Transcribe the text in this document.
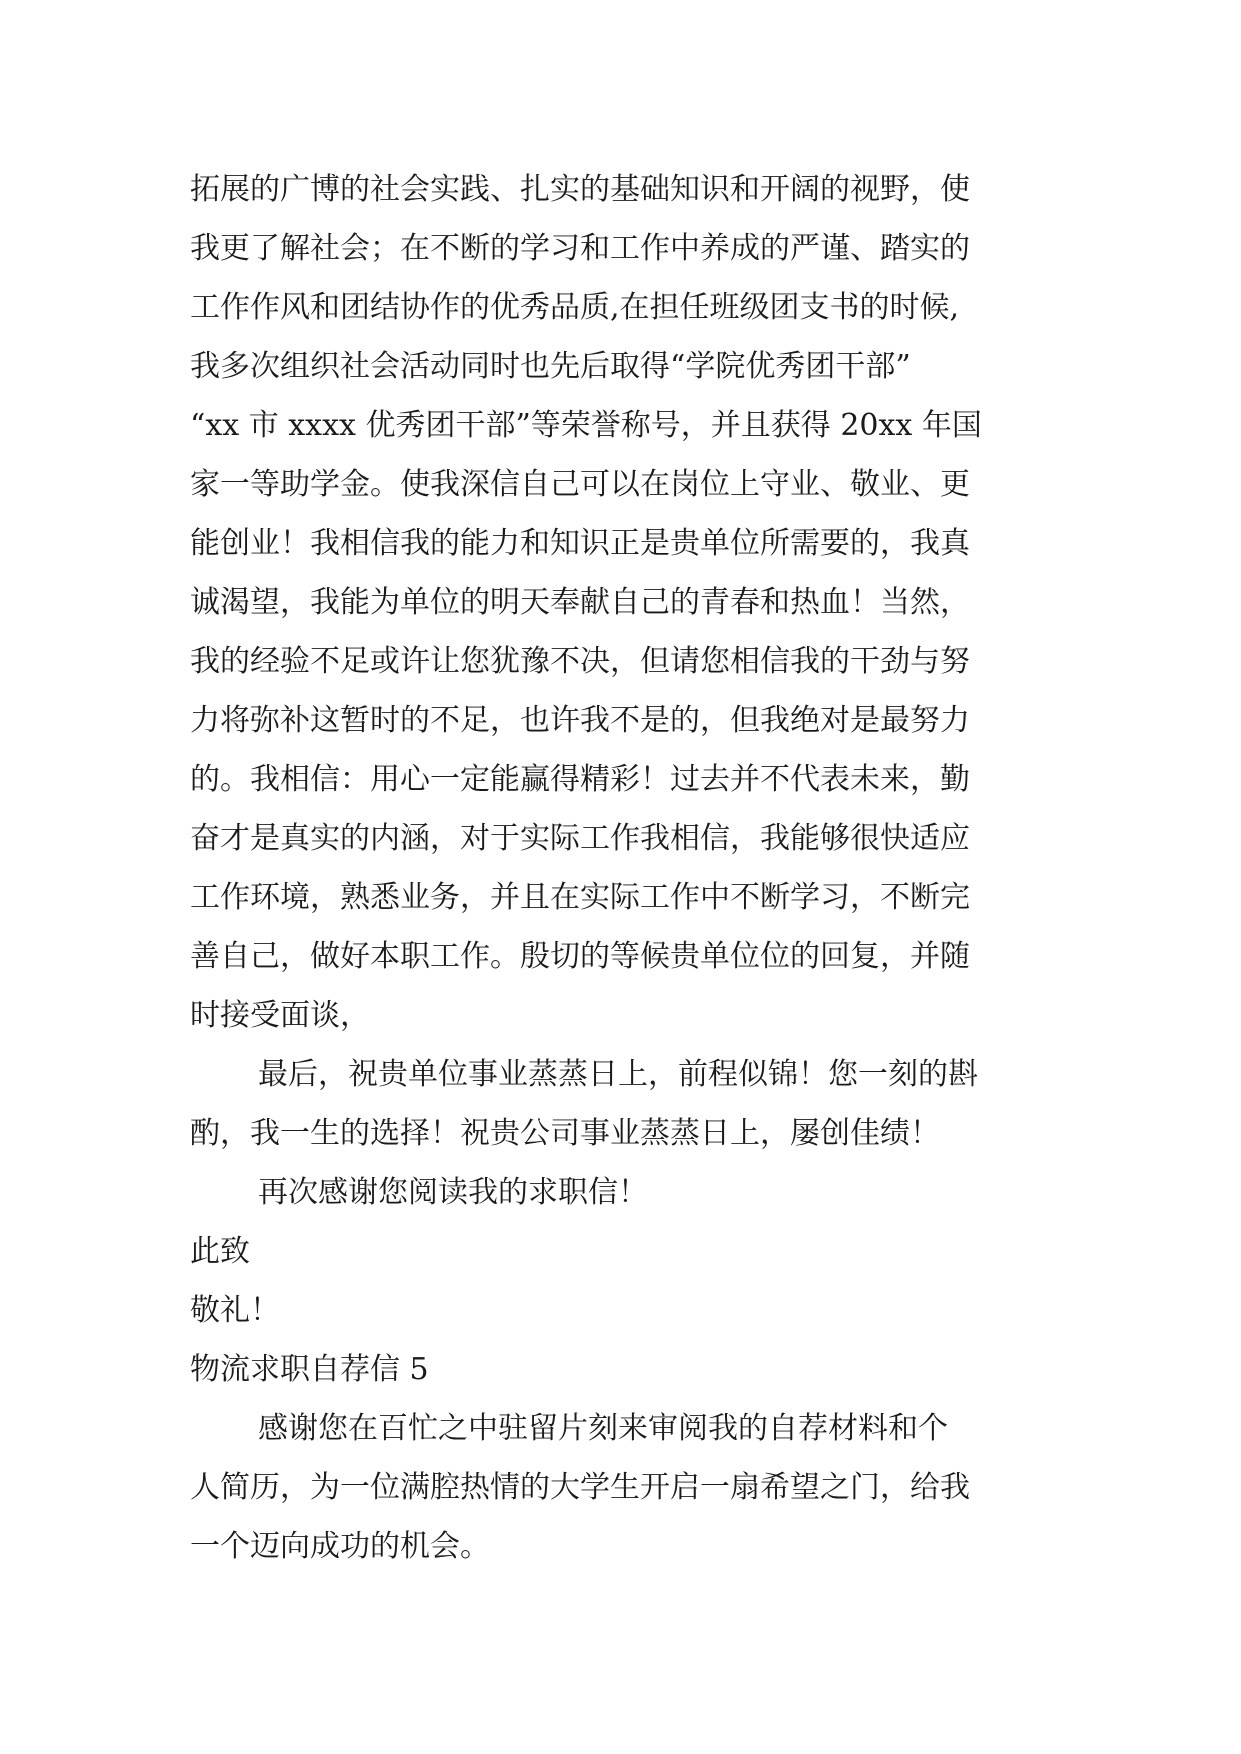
拓展的广博的社会实践、扎实的基础知识和开阔的视野，使
我更了解社会；在不断的学习和工作中养成的严谨、踏实的
工作作风和团结协作的优秀品质,在担任班级团支书的时候,
我多次组织社会活动同时也先后取得“学院优秀团干部”
“xx 市 xxxx 优秀团干部”等荣誉称号，并且获得 20xx 年国
家一等助学金。使我深信自己可以在岗位上守业、敬业、更
能创业！我相信我的能力和知识正是贵单位所需要的，我真
诚渴望，我能为单位的明天奉献自己的青春和热血！当然，
我的经验不足或许让您犹豫不决，但请您相信我的干劲与努
力将弥补这暂时的不足，也许我不是的，但我绝对是最努力
的。我相信：用心一定能赢得精彩！过去并不代表未来，勤
奋才是真实的内涵，对于实际工作我相信，我能够很快适应
工作环境，熟悉业务，并且在实际工作中不断学习，不断完
善自己，做好本职工作。殷切的等候贵单位位的回复，并随
时接受面谈，
最后，祝贵单位事业蒸蒸日上，前程似锦！您一刻的斟
酌，我一生的选择！祝贵公司事业蒸蒸日上，屡创佳绩！
再次感谢您阅读我的求职信！
此致
敬礼！
物流求职自荐信 5
感谢您在百忙之中驻留片刻来审阅我的自荐材料和个
人简历，为一位满腔热情的大学生开启一扇希望之门，给我
一个迈向成功的机会。
